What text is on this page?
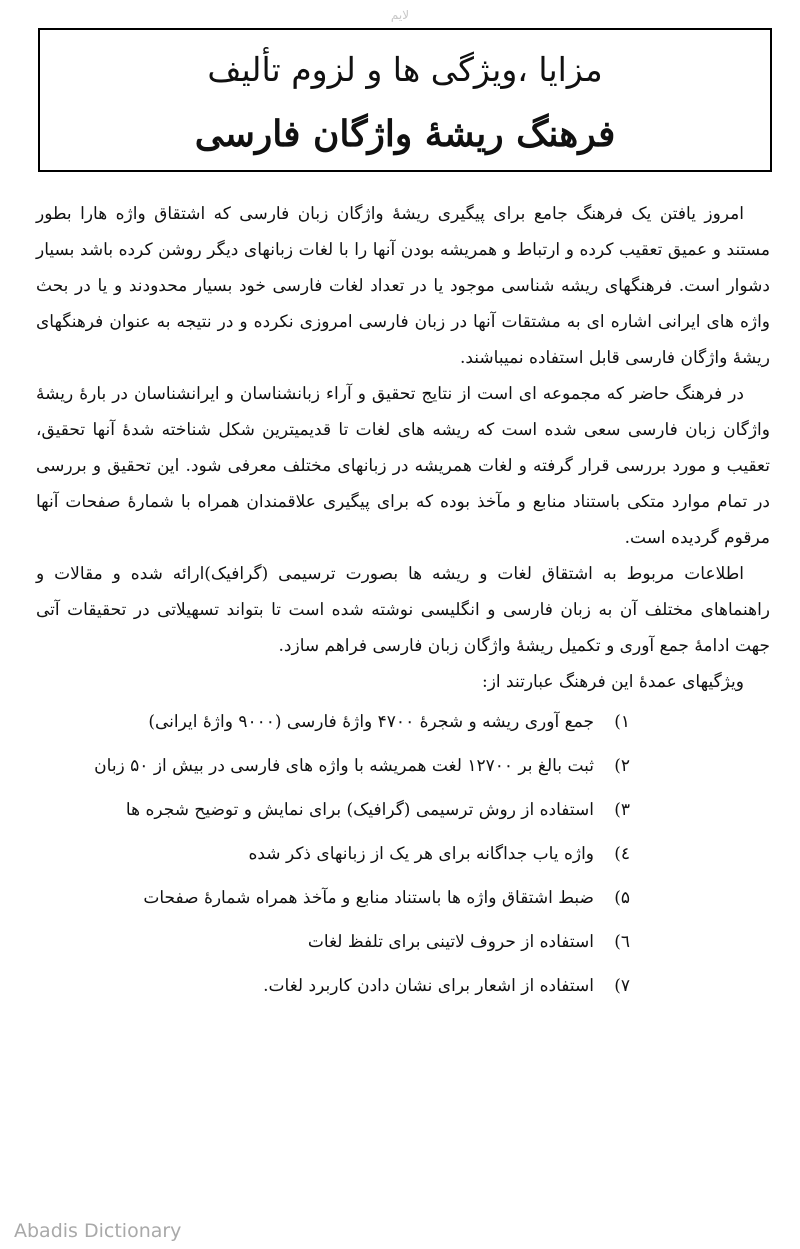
لایم
مزایا ،ویژگی ها و لزوم تألیف
فرهنگ ریشهٔ واژگان فارسی

امروز یافتن یک فرهنگ جامع برای پیگیری ریشهٔ واژگان زبان فارسی که اشتقاق واژه هارا بطور مستند و عمیق تعقیب کرده و ارتباط و همریشه بودن آنها را با لغات زبانهای دیگر روشن کرده باشد بسیار دشوار است. فرهنگهای ریشه شناسی موجود یا در تعداد لغات فارسی خود بسیار محدودند و یا در بحث واژه های ایرانی اشاره ای به مشتقات آنها در زبان فارسی امروزی نکرده و در نتیجه به عنوان فرهنگهای ریشهٔ واژگان فارسی قابل استفاده نمیباشند.

در فرهنگ حاضر که مجموعه ای است از نتایج تحقیق و آراء زبانشناسان و ایرانشناسان در بارهٔ ریشهٔ واژگان زبان فارسی سعی شده است که ریشه های لغات تا قدیمیترین شکل شناخته شدهٔ آنها تحقیق، تعقیب و مورد بررسی قرار گرفته و لغات همریشه در زبانهای مختلف معرفی شود. این تحقیق و بررسی در تمام موارد متکی باستناد منابع و مآخذ بوده که برای پیگیری علاقمندان همراه با شمارهٔ صفحات آنها مرقوم گردیده است.

اطلاعات مربوط به اشتقاق لغات و ریشه ها بصورت ترسیمی (گرافیک)ارائه شده و مقالات و راهنماهای مختلف آن به زبان فارسی و انگلیسی نوشته شده است تا بتواند تسهیلاتی در تحقیقات آتی جهت ادامهٔ جمع آوری و تکمیل ریشهٔ واژگان زبان فارسی فراهم سازد.

ویژگیهای عمدهٔ این فرهنگ عبارتند از:

۱)
جمع آوری ریشه و شجرهٔ ۴۷۰۰ واژهٔ فارسی (۹۰۰۰ واژهٔ ایرانی)
۲)
ثبت بالغ بر ۱۲۷۰۰ لغت همریشه با واژه های فارسی در بیش از ۵۰ زبان
۳)
استفاده از روش ترسیمی (گرافیک) برای نمایش و توضیح شجره ها
٤)
واژه یاب جداگانه برای هر یک از زبانهای ذکر شده
۵)
ضبط اشتقاق واژه ها باستناد منابع و مآخذ همراه شمارهٔ صفحات
٦)
استفاده از حروف لاتینی برای تلفظ لغات
۷)
استفاده از اشعار برای نشان دادن کاربرد لغات.
Abadis Dictionary
